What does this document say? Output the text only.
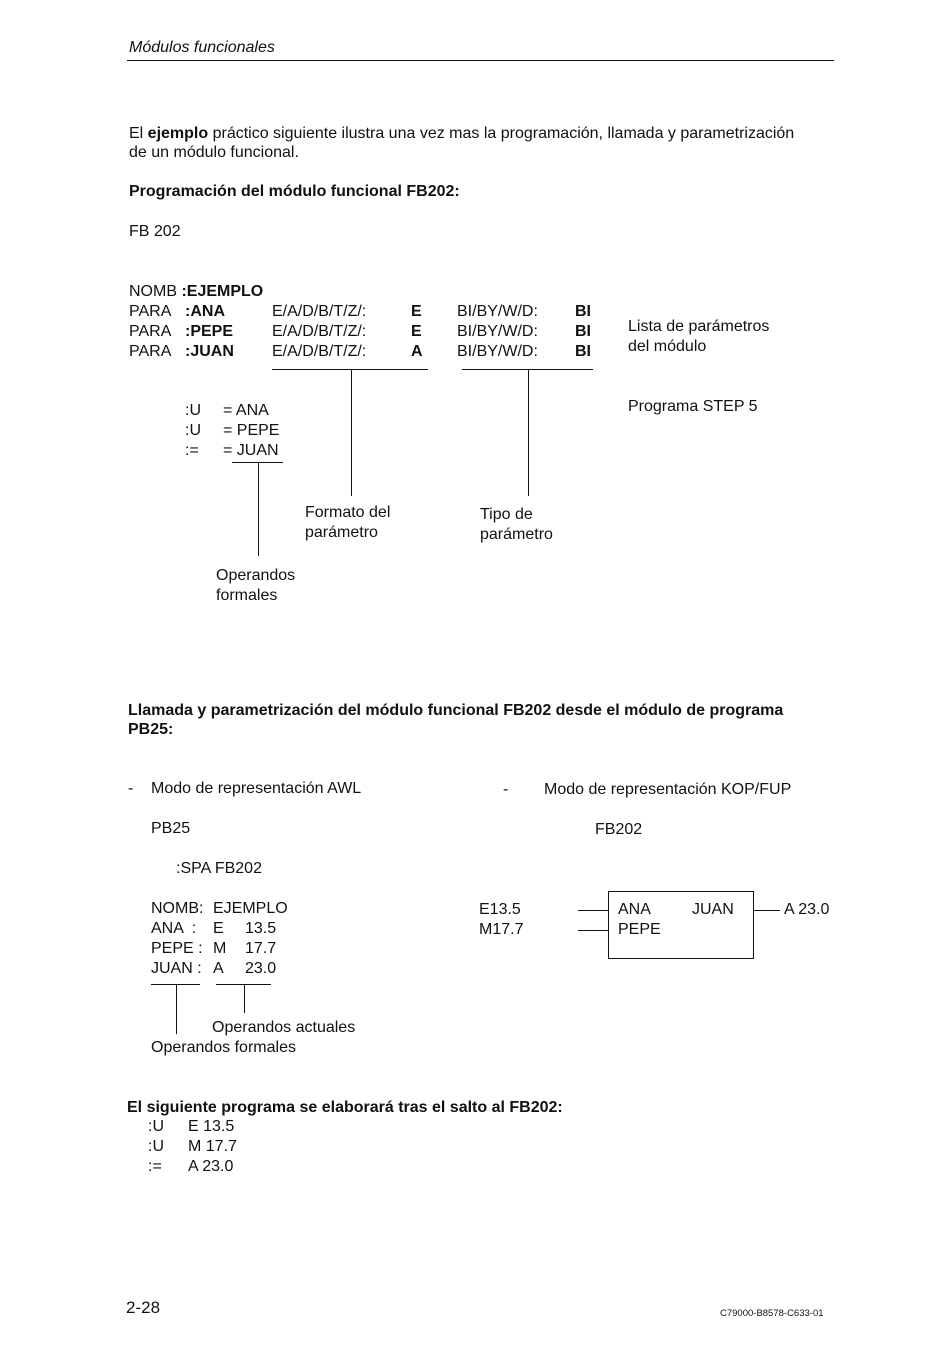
Módulos funcionales
El ejemplo práctico siguiente ilustra una vez mas la programación, llamada y parametrización
de un módulo funcional.
Programación del módulo funcional FB202:
FB 202
NOMB :EJEMPLO
PARA :ANA	E/A/D/B/T/Z/:	E BI/BY/W/D: BI
PARA :PEPE E/A/D/B/T/Z/:	E BI/BY/W/D: BI
PARA :JUAN E/A/D/B/T/Z/:	A BI/BY/W/D: BI
Lista de parámetros
del módulo
Programa STEP 5
:U = ANA
:U = PEPE
:= = JUAN
Formato del
parámetro
Tipo de
parámetro
Operandos
formales
Llamada y parametrización del módulo funcional FB202 desde el módulo de programa
PB25:
- Modo de representación AWL
PB25
:SPA FB202
NOMB: EJEMPLO
ANA  : E 13.5
PEPE : M 17.7
JUAN : A 23.0
Operandos actuales
Operandos formales
- Modo de representación KOP/FUP
FB202
E13.5
M17.7
ANA	JUAN
PEPE
A 23.0
El siguiente programa se elaborará tras el salto al FB202:
:U E 13.5
:U M 17.7
:= A 23.0
2-28	C79000-B8578-C633-01
